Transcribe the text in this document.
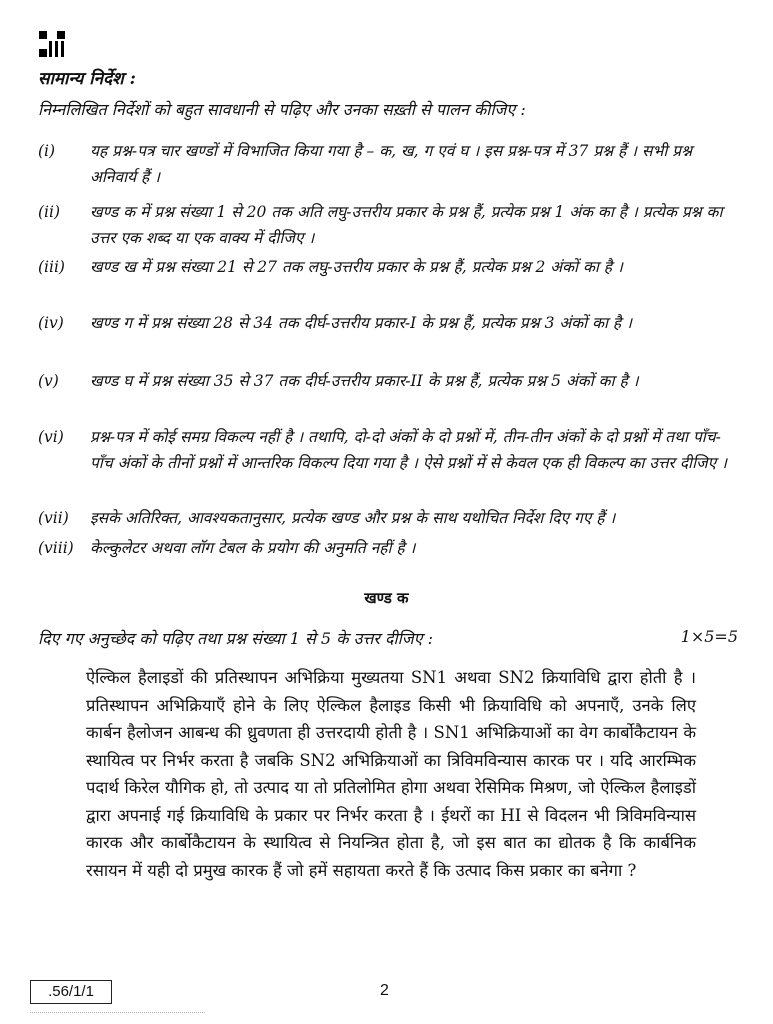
सामान्य निर्देश :
निम्नलिखित निर्देशों को बहुत सावधानी से पढ़िए और उनका सख़्ती से पालन कीजिए :
(i)	यह प्रश्न-पत्र चार खण्डों में विभाजित किया गया है – क, ख, ग एवं घ । इस प्रश्न-पत्र में 37 प्रश्न हैं । सभी प्रश्न अनिवार्य हैं ।
(ii)	खण्ड क में प्रश्न संख्या 1 से 20 तक अति लघु-उत्तरीय प्रकार के प्रश्न हैं, प्रत्येक प्रश्न 1 अंक का है । प्रत्येक प्रश्न का उत्तर एक शब्द या एक वाक्य में दीजिए ।
(iii)	खण्ड ख में प्रश्न संख्या 21 से 27 तक लघु-उत्तरीय प्रकार के प्रश्न हैं, प्रत्येक प्रश्न 2 अंकों का है ।
(iv)	खण्ड ग में प्रश्न संख्या 28 से 34 तक दीर्घ-उत्तरीय प्रकार-I के प्रश्न हैं, प्रत्येक प्रश्न 3 अंकों का है ।
(v)	खण्ड घ में प्रश्न संख्या 35 से 37 तक दीर्घ-उत्तरीय प्रकार-II के प्रश्न हैं, प्रत्येक प्रश्न 5 अंकों का है ।
(vi)	प्रश्न-पत्र में कोई समग्र विकल्प नहीं है । तथापि, दो-दो अंकों के दो प्रश्नों में, तीन-तीन अंकों के दो प्रश्नों में तथा पाँच-पाँच अंकों के तीनों प्रश्नों में आन्तरिक विकल्प दिया गया है । ऐसे प्रश्नों में से केवल एक ही विकल्प का उत्तर दीजिए ।
(vii)	इसके अतिरिक्त, आवश्यकतानुसार, प्रत्येक खण्ड और प्रश्न के साथ यथोचित निर्देश दिए गए हैं ।
(viii)	केल्कुलेटर अथवा लॉग टेबल के प्रयोग की अनुमति नहीं है ।
खण्ड क
दिए गए अनुच्छेद को पढ़िए तथा प्रश्न संख्या 1 से 5 के उत्तर दीजिए :	1×5=5
ऐल्किल हैलाइडों की प्रतिस्थापन अभिक्रिया मुख्यतया SN1 अथवा SN2 क्रियाविधि द्वारा होती है । प्रतिस्थापन अभिक्रियाएँ होने के लिए ऐल्किल हैलाइड किसी भी क्रियाविधि को अपनाएँ, उनके लिए कार्बन हैलोजन आबन्ध की ध्रुवणता ही उत्तरदायी होती है । SN1 अभिक्रियाओं का वेग कार्बोकैटायन के स्थायित्व पर निर्भर करता है जबकि SN2 अभिक्रियाओं का त्रिविमविन्यास कारक पर । यदि आरम्भिक पदार्थ किरेल यौगिक हो, तो उत्पाद या तो प्रतिलोमित होगा अथवा रेसिमिक मिश्रण, जो ऐल्किल हैलाइडों द्वारा अपनाई गई क्रियाविधि के प्रकार पर निर्भर करता है । ईथरों का HI से विदलन भी त्रिविमविन्यास कारक और कार्बोकैटायन के स्थायित्व से नियन्त्रित होता है, जो इस बात का द्योतक है कि कार्बनिक रसायन में यही दो प्रमुख कारक हैं जो हमें सहायता करते हैं कि उत्पाद किस प्रकार का बनेगा ?
.56/1/1	2
